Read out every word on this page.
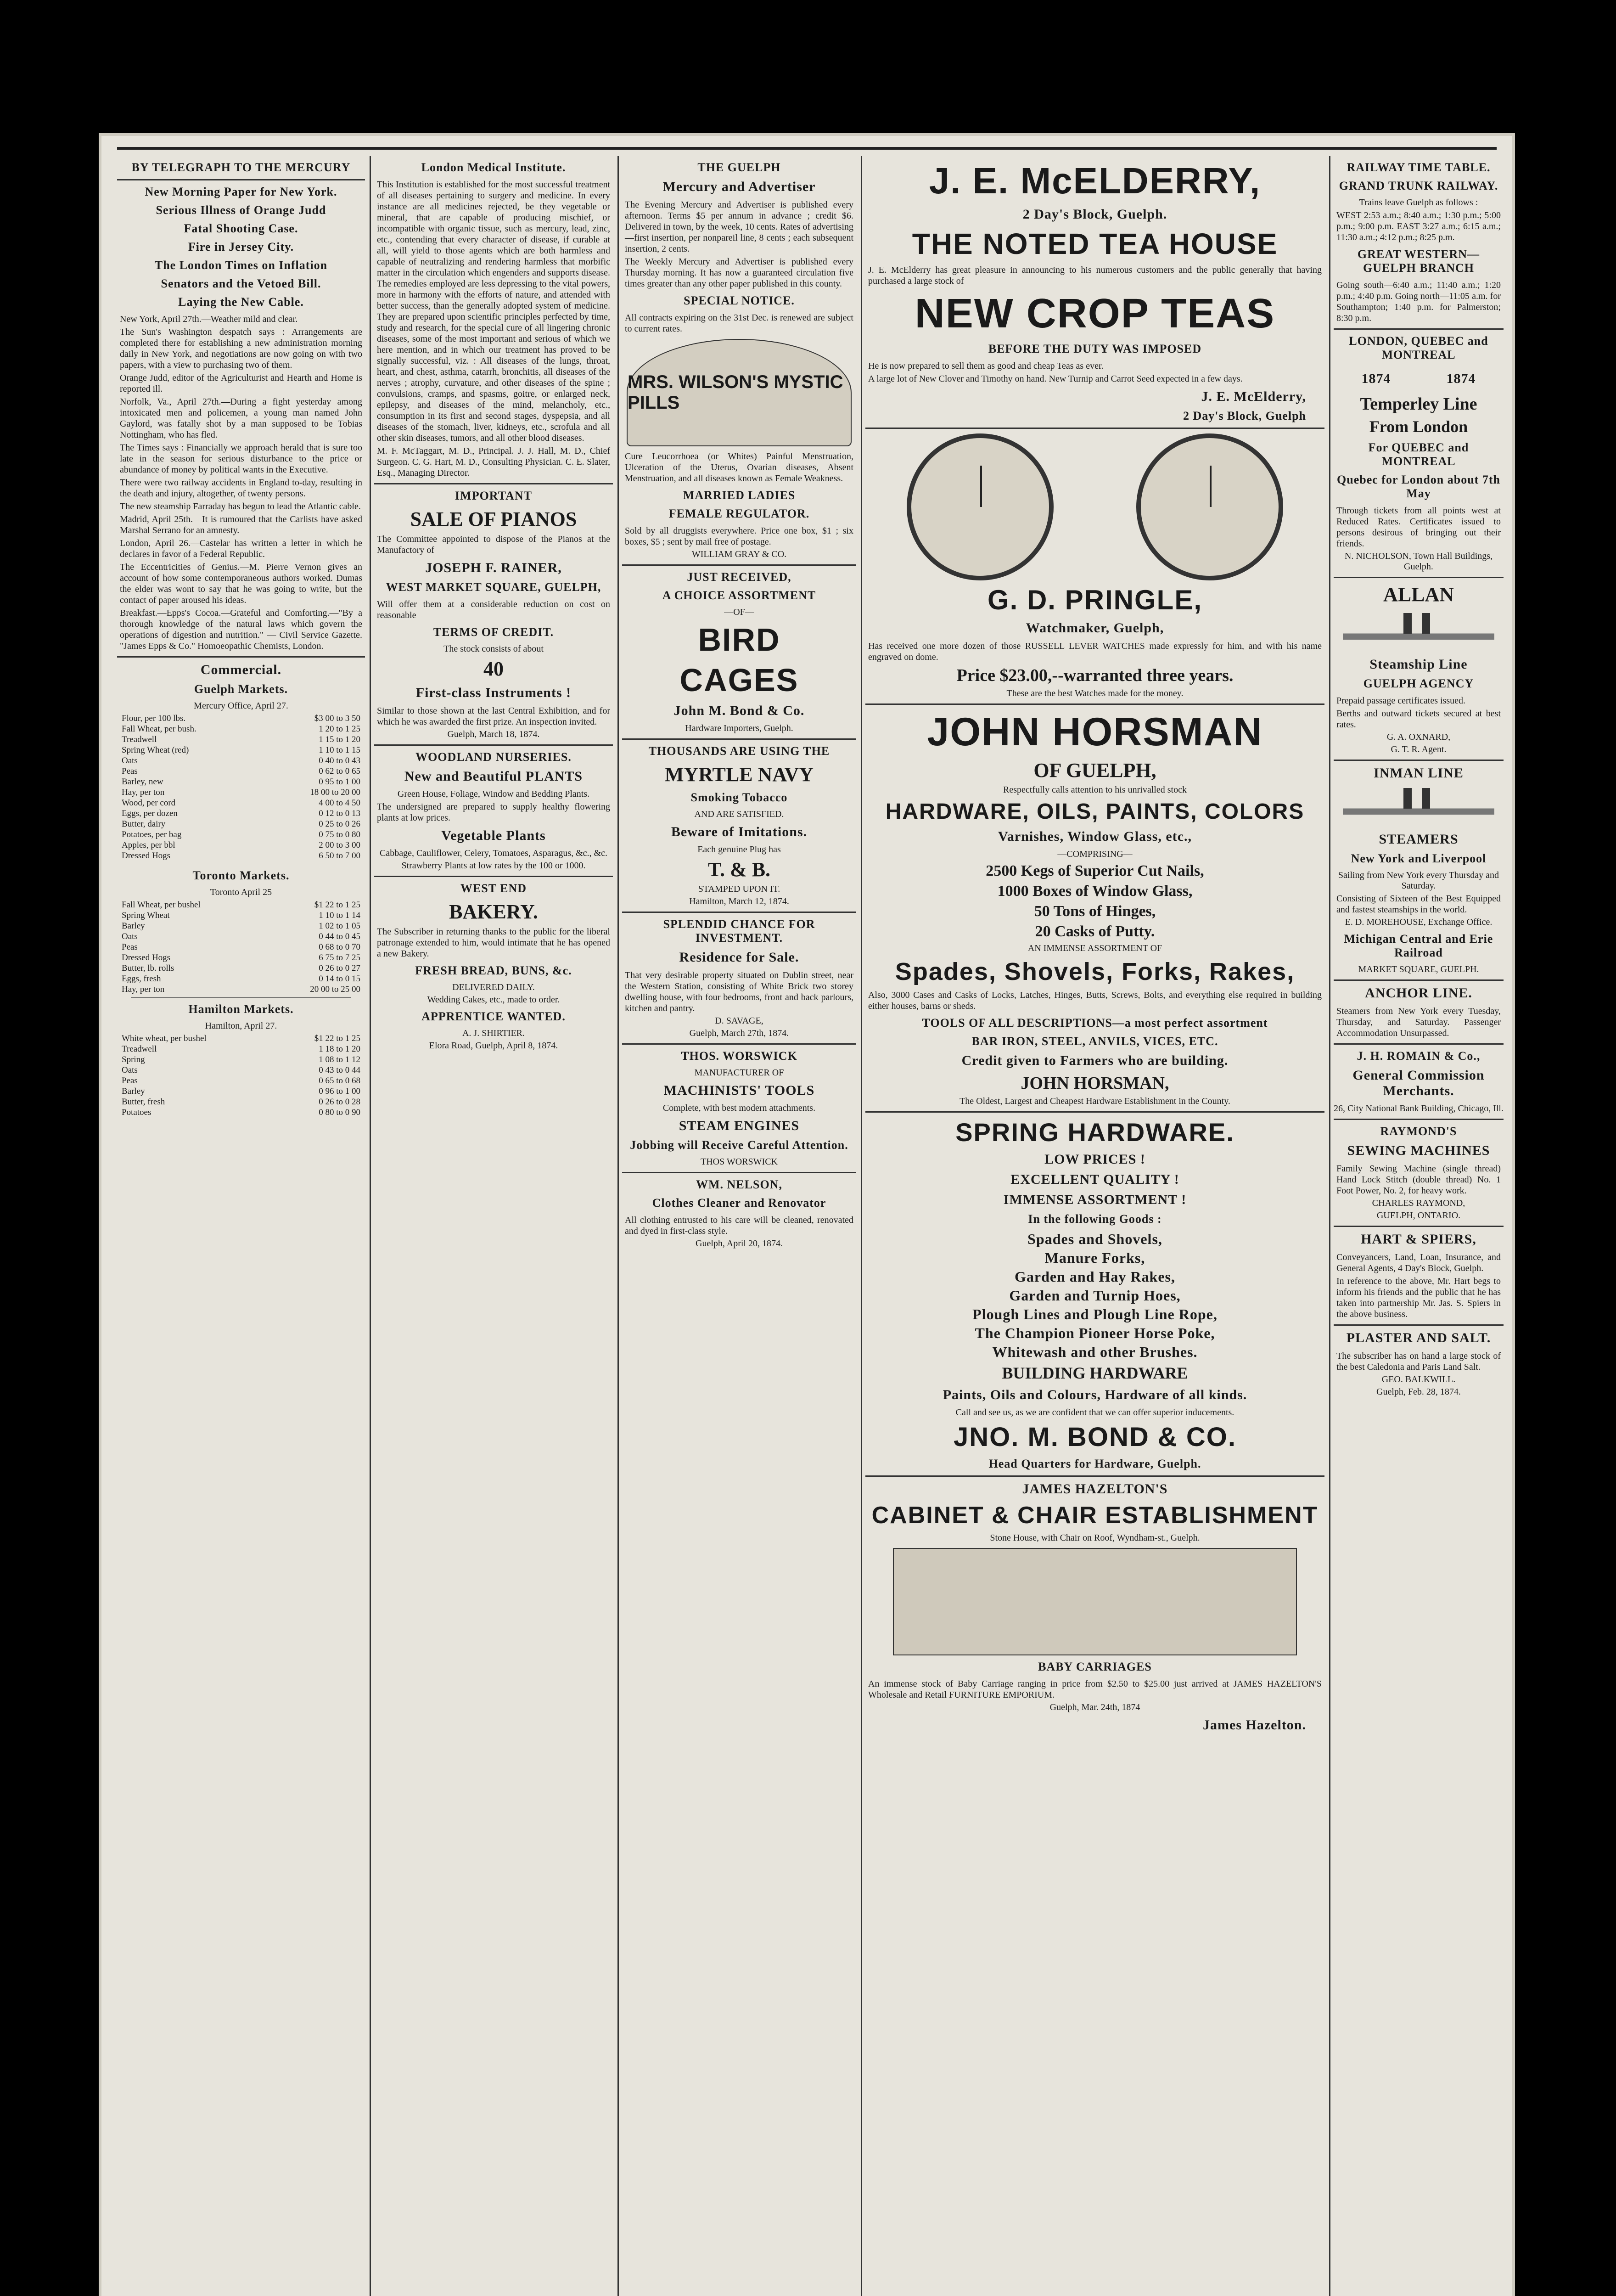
BY TELEGRAPH TO THE MERCURY
New Morning Paper for New York.
Serious Illness of Orange Judd
Fatal Shooting Case.
Fire in Jersey City.
The London Times on Inflation
Senators and the Vetoed Bill.
Laying the New Cable.

New York, April 27th.—Weather mild and clear.

The Sun's Washington despatch says : Arrangements are completed there for establishing a new administration morning daily in New York, and negotiations are now going on with two papers, with a view to purchasing two of them.

Orange Judd, editor of the Agriculturist and Hearth and Home is reported ill.

Norfolk, Va., April 27th.—During a fight yesterday among intoxicated men and policemen, a young man named John Gaylord, was fatally shot by a man supposed to be Tobias Nottingham, who has fled.

The Times says : Financially we approach herald that is sure too late in the season for serious disturbance to the price or abundance of money by political wants in the Executive.

There were two railway accidents in England to-day, resulting in the death and injury, altogether, of twenty persons.

The new steamship Farraday has begun to lead the Atlantic cable.

Madrid, April 25th.—It is rumoured that the Carlists have asked Marshal Serrano for an amnesty.

London, April 26.—Castelar has written a letter in which he declares in favor of a Federal Republic.

The Eccentricities of Genius.—M. Pierre Vernon gives an account of how some contemporaneous authors worked. Dumas the elder was wont to say that he was going to write, but the contact of paper aroused his ideas.

Breakfast.—Epps's Cocoa.—Grateful and Comforting.—"By a thorough knowledge of the natural laws which govern the operations of digestion and nutrition." — Civil Service Gazette. "James Epps & Co." Homoeopathic Chemists, London.

Commercial.
Guelph Markets.
Mercury Office, April 27.
Flour, per 100 lbs.	$3 00 to 3 50
Fall Wheat, per bush.	1 20 to 1 25
Treadwell	1 15 to 1 20
Spring Wheat (red)	1 10 to 1 15
Oats	0 40 to 0 43
Peas	0 62 to 0 65
Barley, new	0 95 to 1 00
Hay, per ton	18 00 to 20 00
Wood, per cord	4 00 to 4 50
Eggs, per dozen	0 12 to 0 13
Butter, dairy	0 25 to 0 26
Potatoes, per bag	0 75 to 0 80
Apples, per bbl	2 00 to 3 00
Dressed Hogs	6 50 to 7 00
Toronto Markets.
Toronto April 25
Fall Wheat, per bushel	$1 22 to 1 25
Spring Wheat	1 10 to 1 14
Barley	1 02 to 1 05
Oats	0 44 to 0 45
Peas	0 68 to 0 70
Dressed Hogs	6 75 to 7 25
Butter, lb. rolls	0 26 to 0 27
Eggs, fresh	0 14 to 0 15
Hay, per ton	20 00 to 25 00
Hamilton Markets.
Hamilton, April 27.
White wheat, per bushel	$1 22 to 1 25
Treadwell	1 18 to 1 20
Spring	1 08 to 1 12
Oats	0 43 to 0 44
Peas	0 65 to 0 68
Barley	0 96 to 1 00
Butter, fresh	0 26 to 0 28
Potatoes	0 80 to 0 90
London Medical Institute.

This Institution is established for the most successful treatment of all diseases pertaining to surgery and medicine. In every instance are all medicines rejected, be they vegetable or mineral, that are capable of producing mischief, or incompatible with organic tissue, such as mercury, lead, zinc, etc., contending that every character of disease, if curable at all, will yield to those agents which are both harmless and capable of neutralizing and rendering harmless that morbific matter in the circulation which engenders and supports disease. The remedies employed are less depressing to the vital powers, more in harmony with the efforts of nature, and attended with better success, than the generally adopted system of medicine. They are prepared upon scientific principles perfected by time, study and research, for the special cure of all lingering chronic diseases, some of the most important and serious of which we here mention, and in which our treatment has proved to be signally successful, viz. : All diseases of the lungs, throat, heart, and chest, asthma, catarrh, bronchitis, all diseases of the nerves ; atrophy, curvature, and other diseases of the spine ; convulsions, cramps, and spasms, goitre, or enlarged neck, epilepsy, and diseases of the mind, melancholy, etc., consumption in its first and second stages, dyspepsia, and all diseases of the stomach, liver, kidneys, etc., scrofula and all other skin diseases, tumors, and all other blood diseases.

M. F. McTaggart, M. D., Principal. J. J. Hall, M. D., Chief Surgeon. C. G. Hart, M. D., Consulting Physician. C. E. Slater, Esq., Managing Director.

IMPORTANT
SALE OF PIANOS

The Committee appointed to dispose of the Pianos at the Manufactory of

JOSEPH F. RAINER,
WEST MARKET SQUARE, GUELPH,

Will offer them at a considerable reduction on cost on reasonable

TERMS OF CREDIT.
The stock consists of about
40
First-class Instruments !

Similar to those shown at the last Central Exhibition, and for which he was awarded the first prize. An inspection invited.

Guelph, March 18, 1874.
WOODLAND NURSERIES.
New and Beautiful PLANTS
Green House, Foliage, Window and Bedding Plants.

The undersigned are prepared to supply healthy flowering plants at low prices.

Vegetable Plants
Cabbage, Cauliflower, Celery, Tomatoes, Asparagus, &c., &c.
Strawberry Plants at low rates by the 100 or 1000.
WEST END
BAKERY.

The Subscriber in returning thanks to the public for the liberal patronage extended to him, would intimate that he has opened a new Bakery.

FRESH BREAD, BUNS, &c.
DELIVERED DAILY.
Wedding Cakes, etc., made to order.
APPRENTICE WANTED.
A. J. SHIRTIER.
Elora Road, Guelph, April 8, 1874.
THE GUELPH
Mercury and Advertiser

The Evening Mercury and Advertiser is published every afternoon. Terms $5 per annum in advance ; credit $6. Delivered in town, by the week, 10 cents. Rates of advertising—first insertion, per nonpareil line, 8 cents ; each subsequent insertion, 2 cents.

The Weekly Mercury and Advertiser is published every Thursday morning. It has now a guaranteed circulation five times greater than any other paper published in this county.

SPECIAL NOTICE.

All contracts expiring on the 31st Dec. is renewed are subject to current rates.

MRS. WILSON'S MYSTIC PILLS

Cure Leucorrhoea (or Whites) Painful Menstruation, Ulceration of the Uterus, Ovarian diseases, Absent Menstruation, and all diseases known as Female Weakness.

MARRIED LADIES
FEMALE REGULATOR.

Sold by all druggists everywhere. Price one box, $1 ; six boxes, $5 ; sent by mail free of postage.

WILLIAM GRAY & CO.
JUST RECEIVED,
A CHOICE ASSORTMENT
—OF—
BIRD
CAGES
John M. Bond & Co.
Hardware Importers, Guelph.
THOUSANDS ARE USING THE
MYRTLE NAVY
Smoking Tobacco
AND ARE SATISFIED.
Beware of Imitations.
Each genuine Plug has
T. & B.
STAMPED UPON IT.
Hamilton, March 12, 1874.
SPLENDID CHANCE FOR INVESTMENT.
Residence for Sale.

That very desirable property situated on Dublin street, near the Western Station, consisting of White Brick two storey dwelling house, with four bedrooms, front and back parlours, kitchen and pantry.

D. SAVAGE,
Guelph, March 27th, 1874.
THOS. WORSWICK
MANUFACTURER OF
MACHINISTS' TOOLS
Complete, with best modern attachments.
STEAM ENGINES
Jobbing will Receive Careful Attention.
THOS WORSWICK
WM. NELSON,
Clothes Cleaner and Renovator

All clothing entrusted to his care will be cleaned, renovated and dyed in first-class style.

Guelph, April 20, 1874.
J. E. McELDERRY,
2 Day's Block, Guelph.
THE NOTED TEA HOUSE

J. E. McElderry has great pleasure in announcing to his numerous customers and the public generally that having purchased a large stock of

NEW CROP TEAS
BEFORE THE DUTY WAS IMPOSED

He is now prepared to sell them as good and cheap Teas as ever.

A large lot of New Clover and Timothy on hand. New Turnip and Carrot Seed expected in a few days.

J. E. McElderry,
2 Day's Block, Guelph
G. D. PRINGLE,
Watchmaker, Guelph,

Has received one more dozen of those RUSSELL LEVER WATCHES made expressly for him, and with his name engraved on dome.

Price $23.00,--warranted three years.
These are the best Watches made for the money.
JOHN HORSMAN
OF GUELPH,
Respectfully calls attention to his unrivalled stock
HARDWARE, OILS, PAINTS, COLORS
Varnishes, Window Glass, etc.,
—COMPRISING—
2500 Kegs of Superior Cut Nails,
1000 Boxes of Window Glass,
50 Tons of Hinges,
20 Casks of Putty.
AN IMMENSE ASSORTMENT OF
Spades, Shovels, Forks, Rakes,

Also, 3000 Cases and Casks of Locks, Latches, Hinges, Butts, Screws, Bolts, and everything else required in building either houses, barns or sheds.

TOOLS OF ALL DESCRIPTIONS—a most perfect assortment
BAR IRON, STEEL, ANVILS, VICES, ETC.
Credit given to Farmers who are building.
JOHN HORSMAN,
The Oldest, Largest and Cheapest Hardware Establishment in the County.
SPRING HARDWARE.
LOW PRICES !
EXCELLENT QUALITY !
IMMENSE ASSORTMENT !
In the following Goods :
Spades and Shovels,
Manure Forks,
Garden and Hay Rakes,
Garden and Turnip Hoes,
Plough Lines and Plough Line Rope,
The Champion Pioneer Horse Poke,
Whitewash and other Brushes.
BUILDING HARDWARE
Paints, Oils and Colours, Hardware of all kinds.
Call and see us, as we are confident that we can offer superior inducements.
JNO. M. BOND & CO.
Head Quarters for Hardware, Guelph.
JAMES HAZELTON'S
CABINET & CHAIR ESTABLISHMENT
Stone House, with Chair on Roof, Wyndham-st., Guelph.
BABY CARRIAGES

An immense stock of Baby Carriage ranging in price from $2.50 to $25.00 just arrived at JAMES HAZELTON'S Wholesale and Retail FURNITURE EMPORIUM.

Guelph, Mar. 24th, 1874
James Hazelton.
RAILWAY TIME TABLE.
GRAND TRUNK RAILWAY.
Trains leave Guelph as follows :

WEST 2:53 a.m.; 8:40 a.m.; 1:30 p.m.; 5:00 p.m.; 9:00 p.m. EAST 3:27 a.m.; 6:15 a.m.; 11:30 a.m.; 4:12 p.m.; 8:25 p.m.

GREAT WESTERN—GUELPH BRANCH

Going south—6:40 a.m.; 11:40 a.m.; 1:20 p.m.; 4:40 p.m. Going north—11:05 a.m. for Southampton; 1:40 p.m. for Palmerston; 8:30 p.m.

LONDON, QUEBEC and MONTREAL
1874	1874
Temperley Line
From London
For QUEBEC and MONTREAL
Quebec for London about 7th May

Through tickets from all points west at Reduced Rates. Certificates issued to persons desirous of bringing out their friends.

N. NICHOLSON, Town Hall Buildings, Guelph.
ALLAN
Steamship Line
GUELPH AGENCY

Prepaid passage certificates issued.

Berths and outward tickets secured at best rates.

G. A. OXNARD,
G. T. R. Agent.
INMAN LINE
STEAMERS
New York and Liverpool
Sailing from New York every Thursday and Saturday.

Consisting of Sixteen of the Best Equipped and fastest steamships in the world.

E. D. MOREHOUSE, Exchange Office.
Michigan Central and Erie Railroad
MARKET SQUARE, GUELPH.
ANCHOR LINE.

Steamers from New York every Tuesday, Thursday, and Saturday. Passenger Accommodation Unsurpassed.

J. H. ROMAIN & Co.,
General Commission Merchants.
26, City National Bank Building, Chicago, Ill.
RAYMOND'S
SEWING MACHINES

Family Sewing Machine (single thread) Hand Lock Stitch (double thread) No. 1 Foot Power, No. 2, for heavy work.

CHARLES RAYMOND,
GUELPH, ONTARIO.
HART & SPIERS,

Conveyancers, Land, Loan, Insurance, and General Agents, 4 Day's Block, Guelph.

In reference to the above, Mr. Hart begs to inform his friends and the public that he has taken into partnership Mr. Jas. S. Spiers in the above business.

PLASTER AND SALT.

The subscriber has on hand a large stock of the best Caledonia and Paris Land Salt.

GEO. BALKWILL.
Guelph, Feb. 28, 1874.
